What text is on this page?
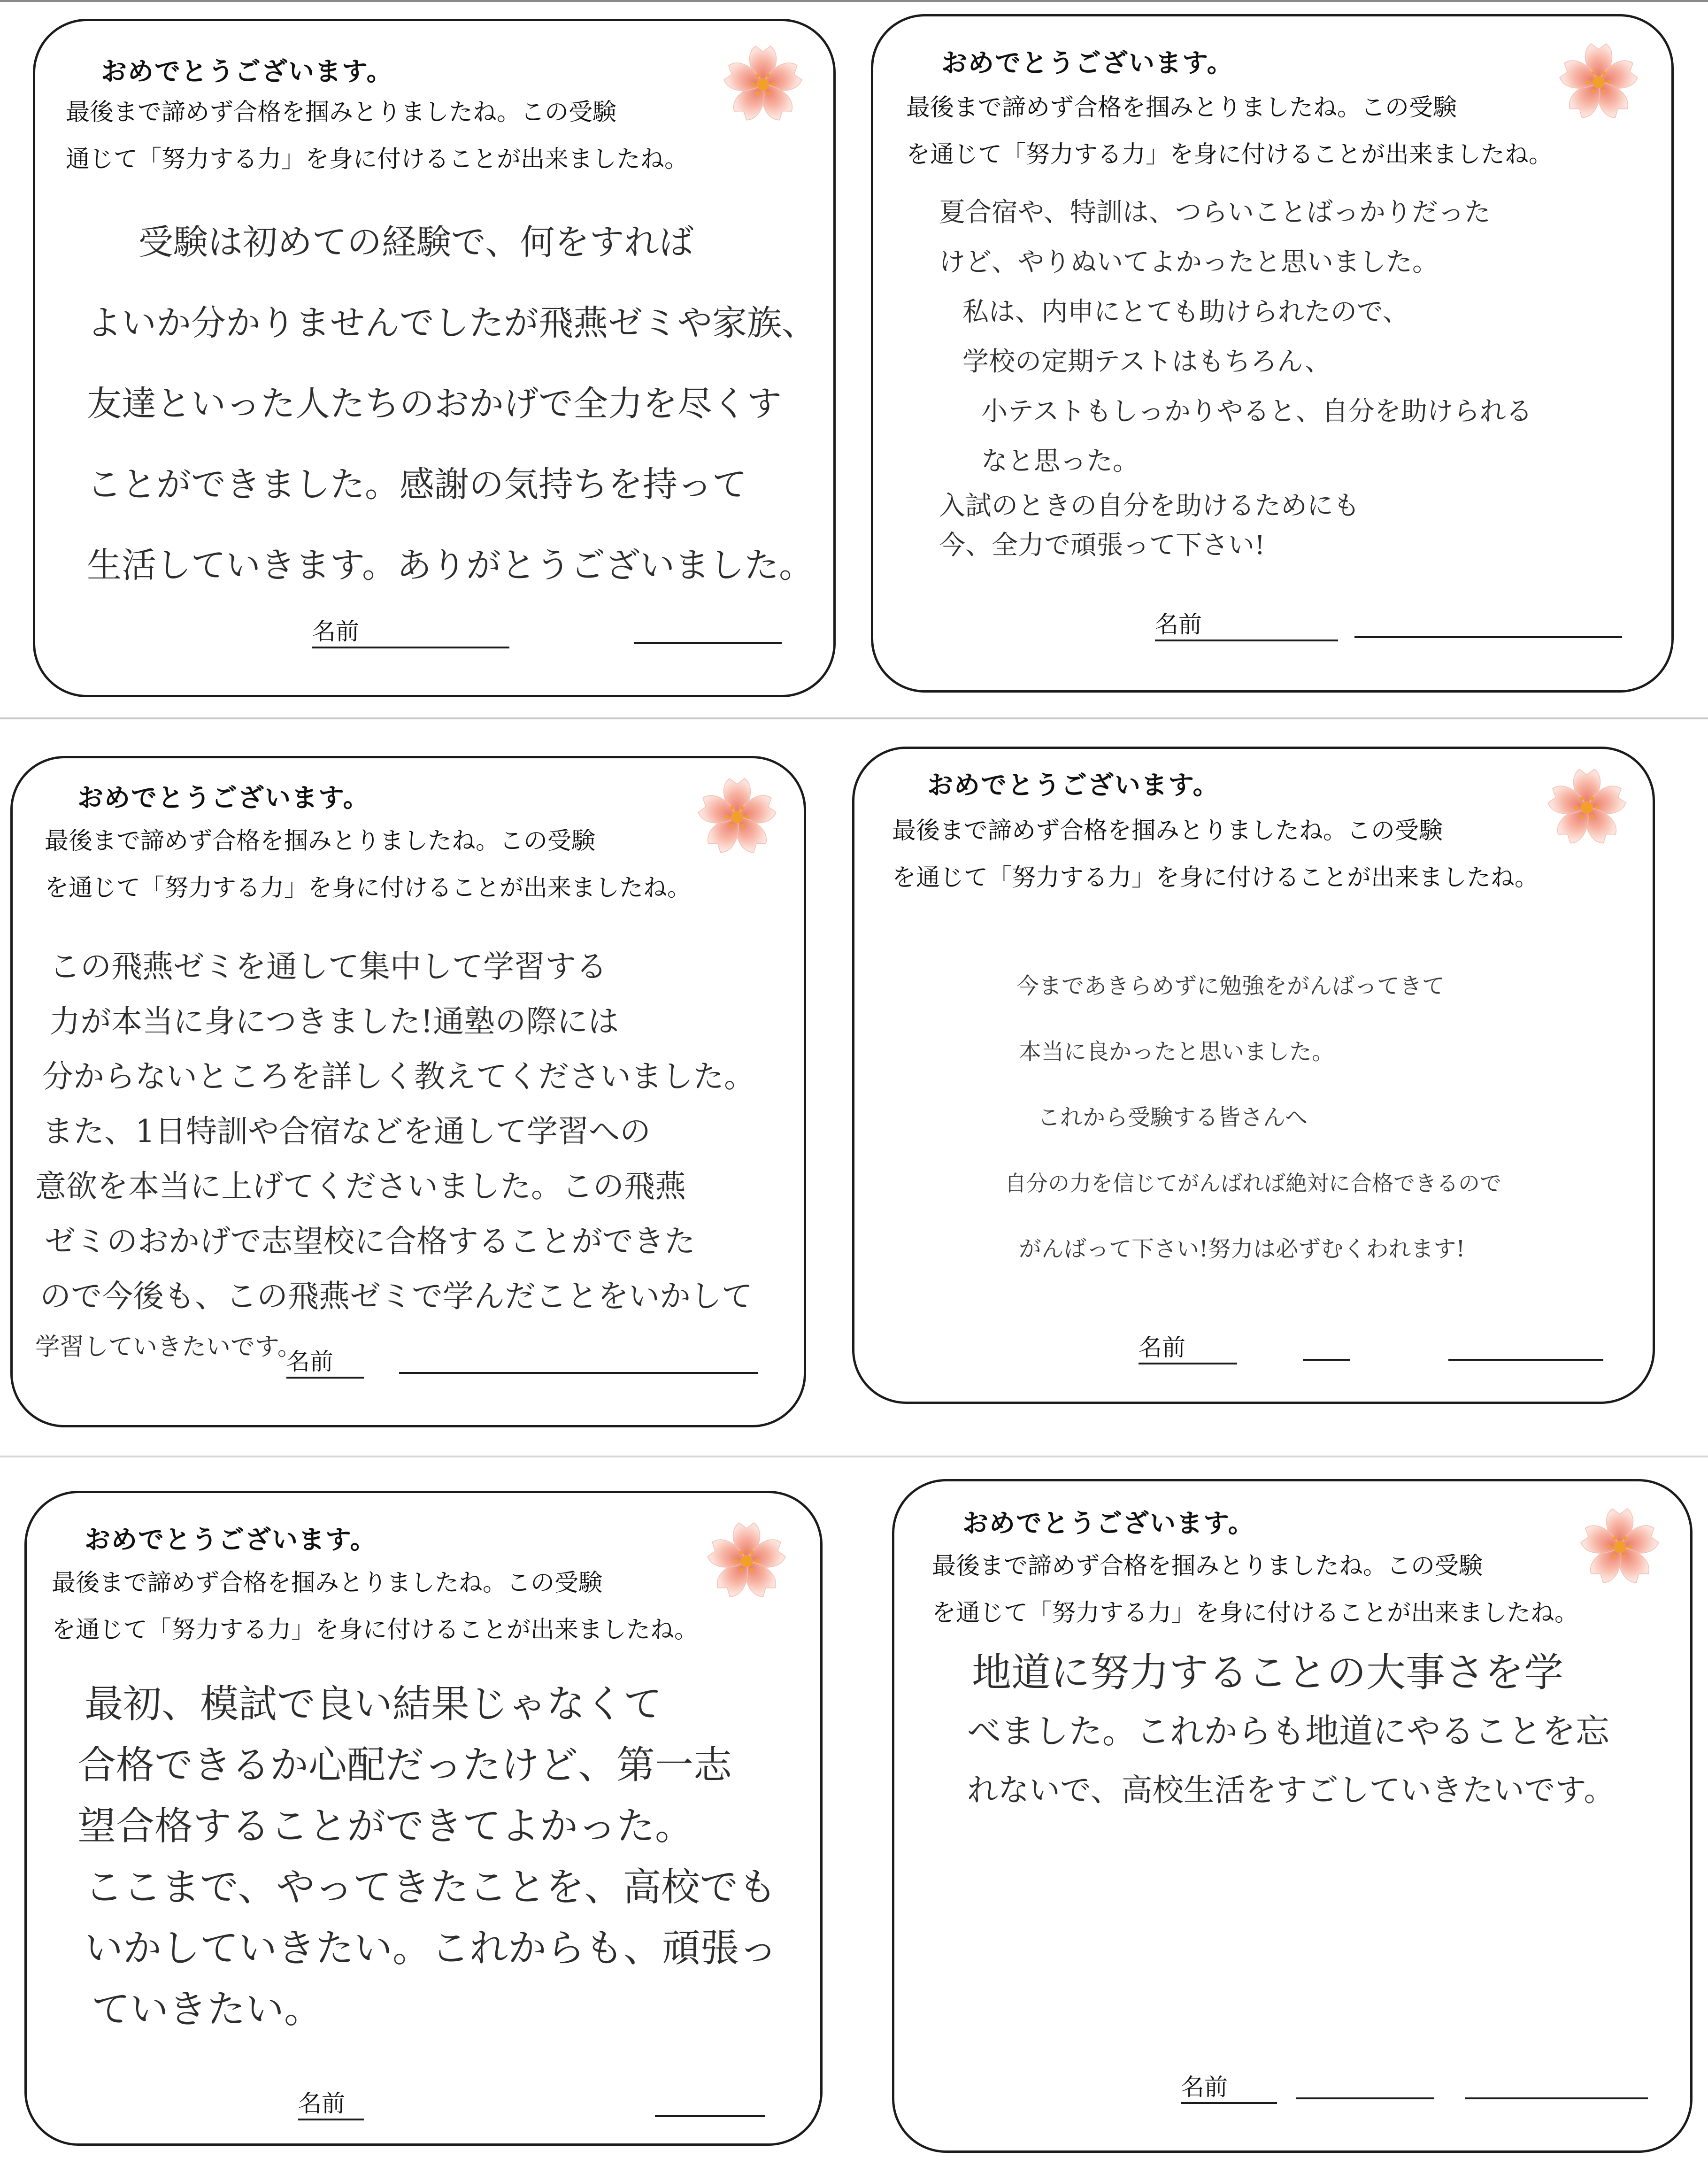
おめでとうございます。
最後まで諦めず合格を掴みとりましたね。この受験
通じて「努力する力」を身に付けることが出来ましたね。
受験は初めての経験で、何をすれば
よいか分かりませんでしたが飛燕ゼミや家族、
友達といった人たちのおかげで全力を尽くす
ことができました。感謝の気持ちを持って
生活していきます。ありがとうございました。
名前
おめでとうございます。
最後まで諦めず合格を掴みとりましたね。この受験
を通じて「努力する力」を身に付けることが出来ましたね。
夏合宿や、特訓は、つらいことばっかりだった
けど、やりぬいてよかったと思いました。
私は、内申にとても助けられたので、
学校の定期テストはもちろん、
小テストもしっかりやると、自分を助けられる
なと思った。
入試のときの自分を助けるためにも
今、全力で頑張って下さい!
名前
おめでとうございます。
最後まで諦めず合格を掴みとりましたね。この受験
を通じて「努力する力」を身に付けることが出来ましたね。
この飛燕ゼミを通して集中して学習する
力が本当に身につきました!通塾の際には
分からないところを詳しく教えてくださいました。
また、1日特訓や合宿などを通して学習への
意欲を本当に上げてくださいました。この飛燕
ゼミのおかげで志望校に合格することができた
ので今後も、この飛燕ゼミで学んだことをいかして
学習していきたいです。
名前
おめでとうございます。
最後まで諦めず合格を掴みとりましたね。この受験
を通じて「努力する力」を身に付けることが出来ましたね。
今まであきらめずに勉強をがんばってきて
本当に良かったと思いました。
これから受験する皆さんへ
自分の力を信じてがんばれば絶対に合格できるので
がんばって下さい!努力は必ずむくわれます!
名前
おめでとうございます。
最後まで諦めず合格を掴みとりましたね。この受験
を通じて「努力する力」を身に付けることが出来ましたね。
最初、模試で良い結果じゃなくて
合格できるか心配だったけど、第一志
望合格することができてよかった。
ここまで、やってきたことを、高校でも
いかしていきたい。これからも、頑張っ
ていきたい。
名前
おめでとうございます。
最後まで諦めず合格を掴みとりましたね。この受験
を通じて「努力する力」を身に付けることが出来ましたね。
地道に努力することの大事さを学
べました。これからも地道にやることを忘
れないで、高校生活をすごしていきたいです。
名前
